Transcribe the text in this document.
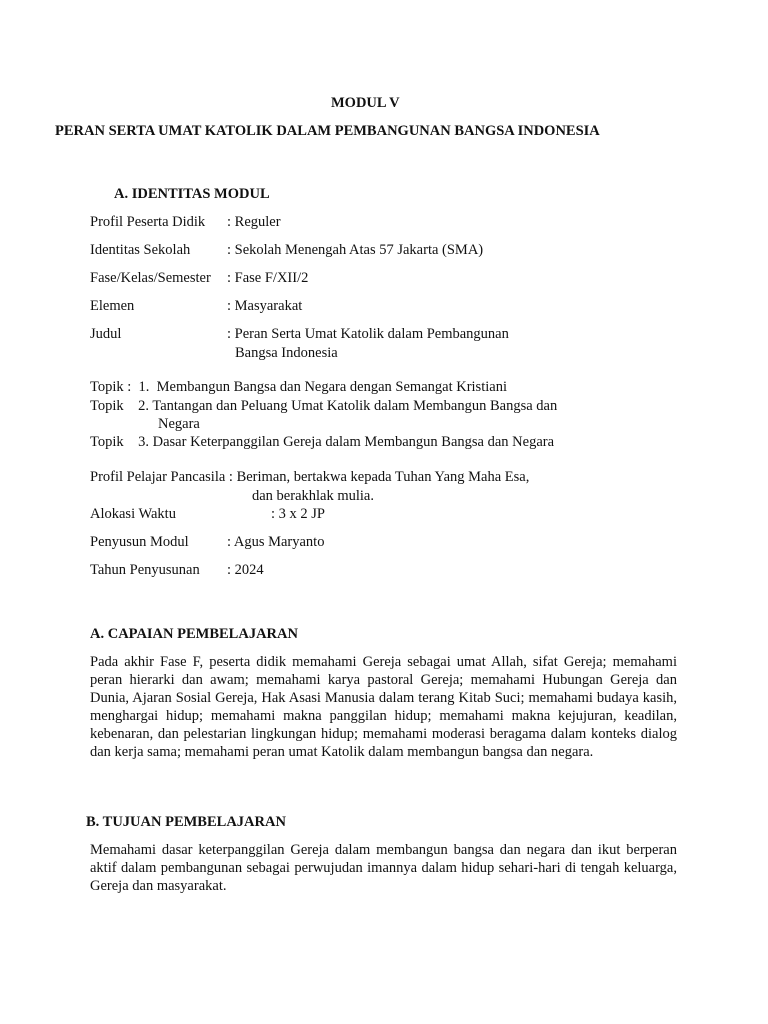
MODUL V
PERAN SERTA UMAT KATOLIK DALAM PEMBANGUNAN BANGSA INDONESIA
A. IDENTITAS MODUL
Profil Peserta Didik : Reguler
Identitas Sekolah	: Sekolah Menengah Atas 57 Jakarta (SMA)
Fase/Kelas/Semester : Fase F/XII/2
Elemen	: Masyarakat
Judul	: Peran Serta Umat Katolik dalam Pembangunan
Bangsa Indonesia
Topik :  1.  Membangun Bangsa dan Negara dengan Semangat Kristiani
Topik    2. Tantangan dan Peluang Umat Katolik dalam Membangun Bangsa dan
Negara
Topik    3. Dasar Keterpanggilan Gereja dalam Membangun Bangsa dan Negara
Profil Pelajar Pancasila : Beriman, bertakwa kepada Tuhan Yang Maha Esa,
dan berakhlak mulia.
Alokasi Waktu	: 3 x 2 JP
Penyusun Modul	: Agus Maryanto
Tahun Penyusunan : 2024
A. CAPAIAN PEMBELAJARAN
Pada akhir Fase F, peserta didik memahami Gereja sebagai umat Allah, sifat Gereja; memahami peran hierarki dan awam; memahami karya pastoral Gereja; memahami Hubungan Gereja dan Dunia, Ajaran Sosial Gereja, Hak Asasi Manusia dalam terang Kitab Suci; memahami budaya kasih, menghargai hidup; memahami makna panggilan hidup; memahami makna kejujuran, keadilan, kebenaran, dan pelestarian lingkungan hidup; memahami moderasi beragama dalam konteks dialog dan kerja sama; memahami peran umat Katolik dalam membangun bangsa dan negara.
B. TUJUAN PEMBELAJARAN
Memahami dasar keterpanggilan Gereja dalam membangun bangsa dan negara dan ikut berperan aktif dalam pembangunan sebagai perwujudan imannya dalam hidup sehari-hari di tengah keluarga, Gereja dan masyarakat.
